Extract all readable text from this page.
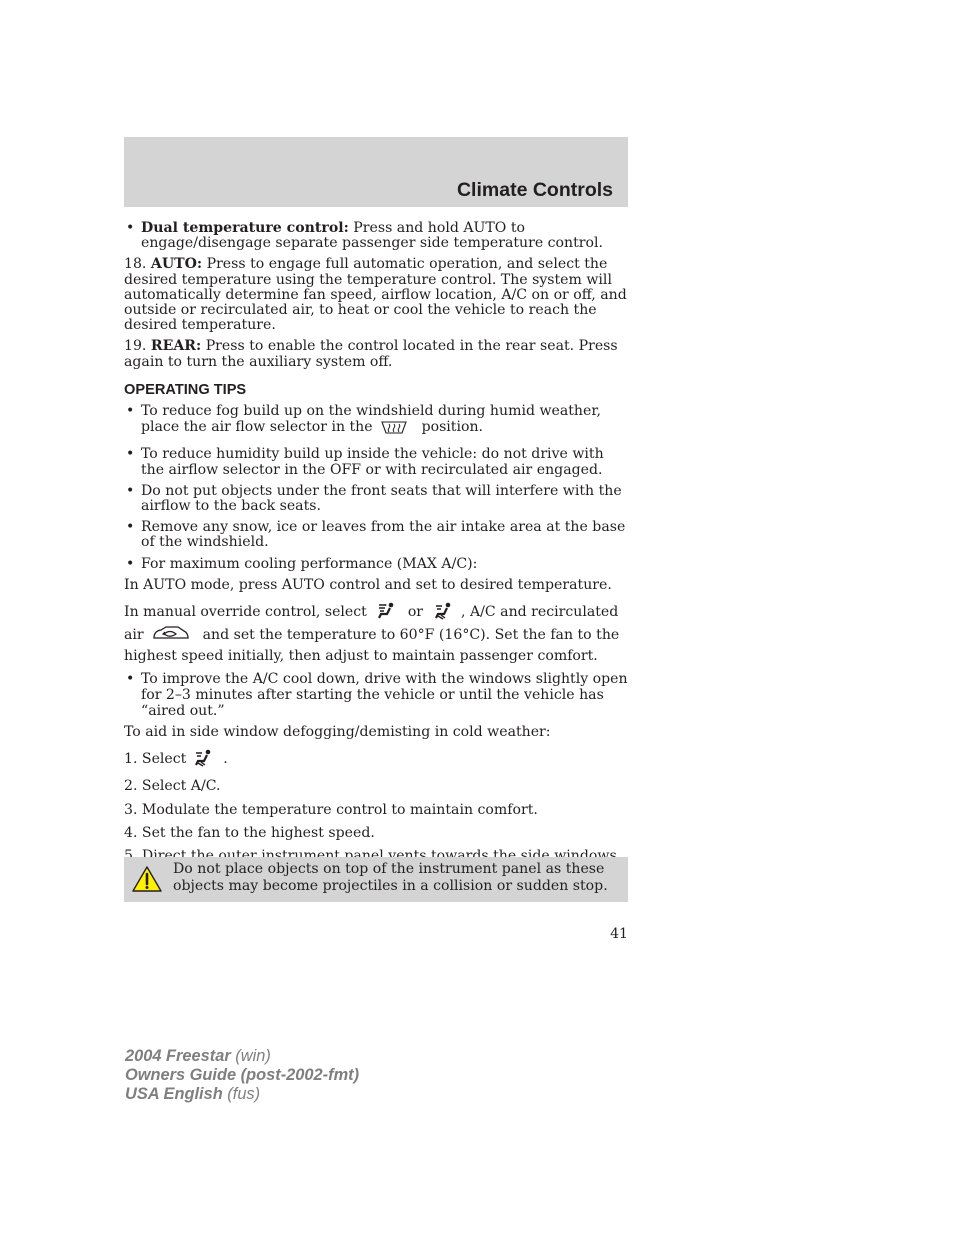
Climate Controls
• Dual temperature control: Press and hold AUTO to engage/disengage separate passenger side temperature control.
18. AUTO: Press to engage full automatic operation, and select the desired temperature using the temperature control. The system will automatically determine fan speed, airflow location, A/C on or off, and outside or recirculated air, to heat or cool the vehicle to reach the desired temperature.
19. REAR: Press to enable the control located in the rear seat. Press again to turn the auxiliary system off.
OPERATING TIPS
• To reduce fog build up on the windshield during humid weather, place the air flow selector in the	position.
• To reduce humidity build up inside the vehicle: do not drive with the airflow selector in the OFF or with recirculated air engaged.
• Do not put objects under the front seats that will interfere with the airflow to the back seats.
• Remove any snow, ice or leaves from the air intake area at the base of the windshield.
• For maximum cooling performance (MAX A/C):
In AUTO mode, press AUTO control and set to desired temperature.
In manual override control, select	or	, A/C and recirculated
air	and set the temperature to 60°F (16°C). Set the fan to the highest speed initially, then adjust to maintain passenger comfort.
• To improve the A/C cool down, drive with the windows slightly open for 2–3 minutes after starting the vehicle or until the vehicle has “aired out.”
To aid in side window defogging/demisting in cold weather:
1. Select	.
2. Select A/C.
3. Modulate the temperature control to maintain comfort.
4. Set the fan to the highest speed.
Do not place objects on top of the instrument panel as these objects may become projectiles in a collision or sudden stop.
41
2004 Freestar (win)
Owners Guide (post-2002-fmt)
USA English (fus)
